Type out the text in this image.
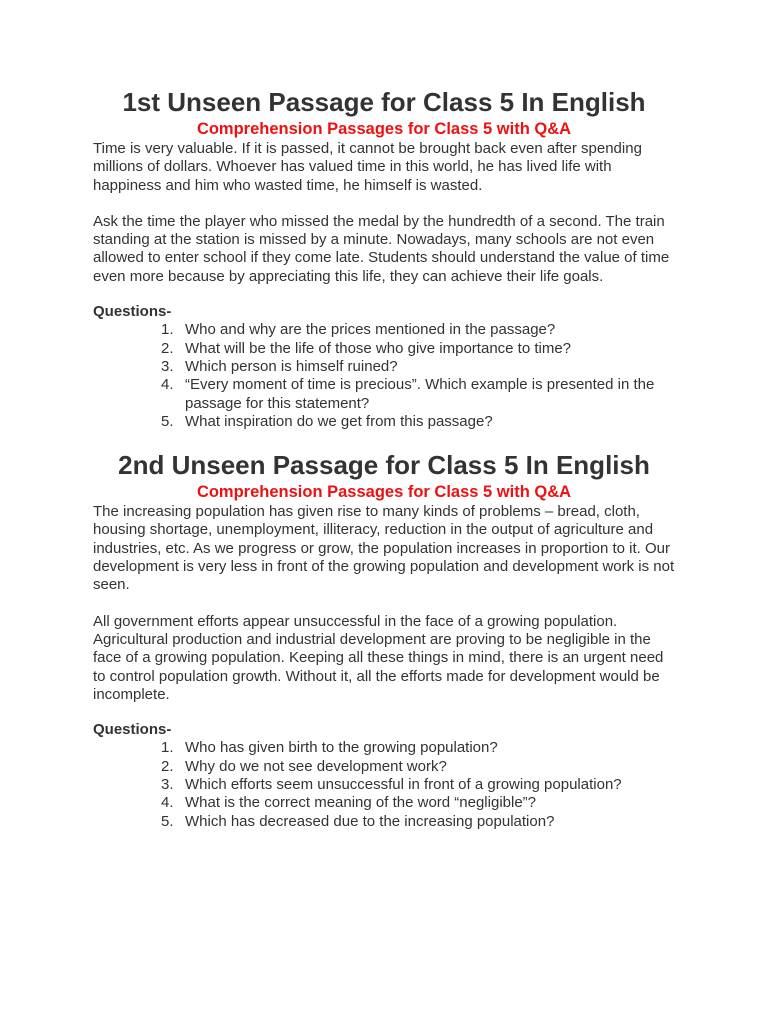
1st Unseen Passage for Class 5 In English
Comprehension Passages for Class 5 with Q&A

Time is very valuable. If it is passed, it cannot be brought back even after spending millions of dollars. Whoever has valued time in this world, he has lived life with happiness and him who wasted time, he himself is wasted.

Ask the time the player who missed the medal by the hundredth of a second. The train standing at the station is missed by a minute. Nowadays, many schools are not even allowed to enter school if they come late. Students should understand the value of time even more because by appreciating this life, they can achieve their life goals.

Questions-
1. Who and why are the prices mentioned in the passage?
2. What will be the life of those who give importance to time?
3. Which person is himself ruined?
4. “Every moment of time is precious”. Which example is presented in the passage for this statement?
5. What inspiration do we get from this passage?
2nd Unseen Passage for Class 5 In English
Comprehension Passages for Class 5 with Q&A

The increasing population has given rise to many kinds of problems – bread, cloth, housing shortage, unemployment, illiteracy, reduction in the output of agriculture and industries, etc. As we progress or grow, the population increases in proportion to it. Our development is very less in front of the growing population and development work is not seen.

All government efforts appear unsuccessful in the face of a growing population. Agricultural production and industrial development are proving to be negligible in the face of a growing population. Keeping all these things in mind, there is an urgent need to control population growth. Without it, all the efforts made for development would be incomplete.

Questions-
1. Who has given birth to the growing population?
2. Why do we not see development work?
3. Which efforts seem unsuccessful in front of a growing population?
4. What is the correct meaning of the word “negligible”?
5. Which has decreased due to the increasing population?
